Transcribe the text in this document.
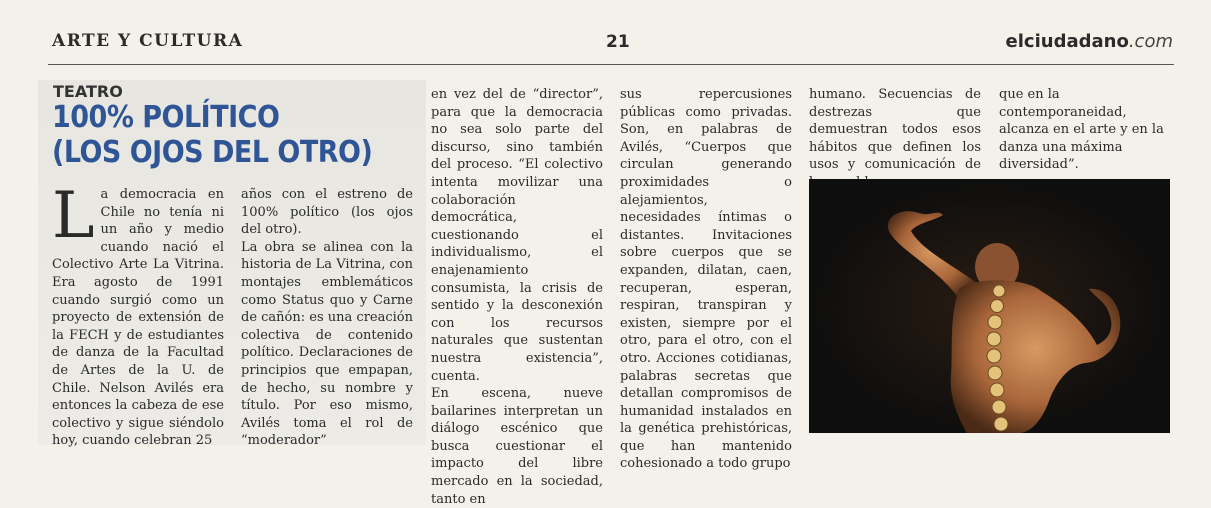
ARTE Y CULTURA	21	elciudadano.com
TEATRO
100% POLÍTICO
(LOS OJOS DEL OTRO)
L a democracia en Chile no tenía ni un año y medio cuando nació el Colectivo Arte La Vitrina. Era agosto de 1991 cuando surgió como un proyecto de extensión de la FECH y de estudiantes de danza de la Facultad de Artes de la U. de Chile. Nelson Avilés era entonces la cabeza de ese colectivo y sigue siéndolo hoy, cuando celebran 25

años con el estreno de 100% político (los ojos del otro).

La obra se alinea con la historia de La Vitrina, con montajes emblemáticos como Status quo y Carne de cañón: es una creación colectiva de contenido político. Declaraciones de principios que empapan, de hecho, su nombre y título. Por eso mismo, Avilés toma el rol de “moderador”

en vez del de “director”, para que la democracia no sea solo parte del discurso, sino también del proceso. “El colectivo intenta movilizar una colaboración democrática, cuestionando el individualismo, el enajenamiento consumista, la crisis de sentido y la desconexión con los recursos naturales que sustentan nuestra existencia”, cuenta.

En escena, nueve bailarines interpretan un diálogo escénico que busca cuestionar el impacto del libre mercado en la sociedad, tanto en

sus repercusiones públicas como privadas. Son, en palabras de Avilés, “Cuerpos que circulan generando proximidades o alejamientos, necesidades íntimas o distantes. Invitaciones sobre cuerpos que se expanden, dilatan, caen, recuperan, esperan, respiran, transpiran y existen, siempre por el otro, para el otro, con el otro. Acciones cotidianas, palabras secretas que detallan compromisos de humanidad instalados en la genética prehistóricas, que han mantenido cohesionado a todo grupo

humano. Secuencias de destrezas que demuestran todos esos hábitos que definen los usos y comunicación de

que en la contemporaneidad, alcanza en el arte y en la danza una máxima diversidad”.
